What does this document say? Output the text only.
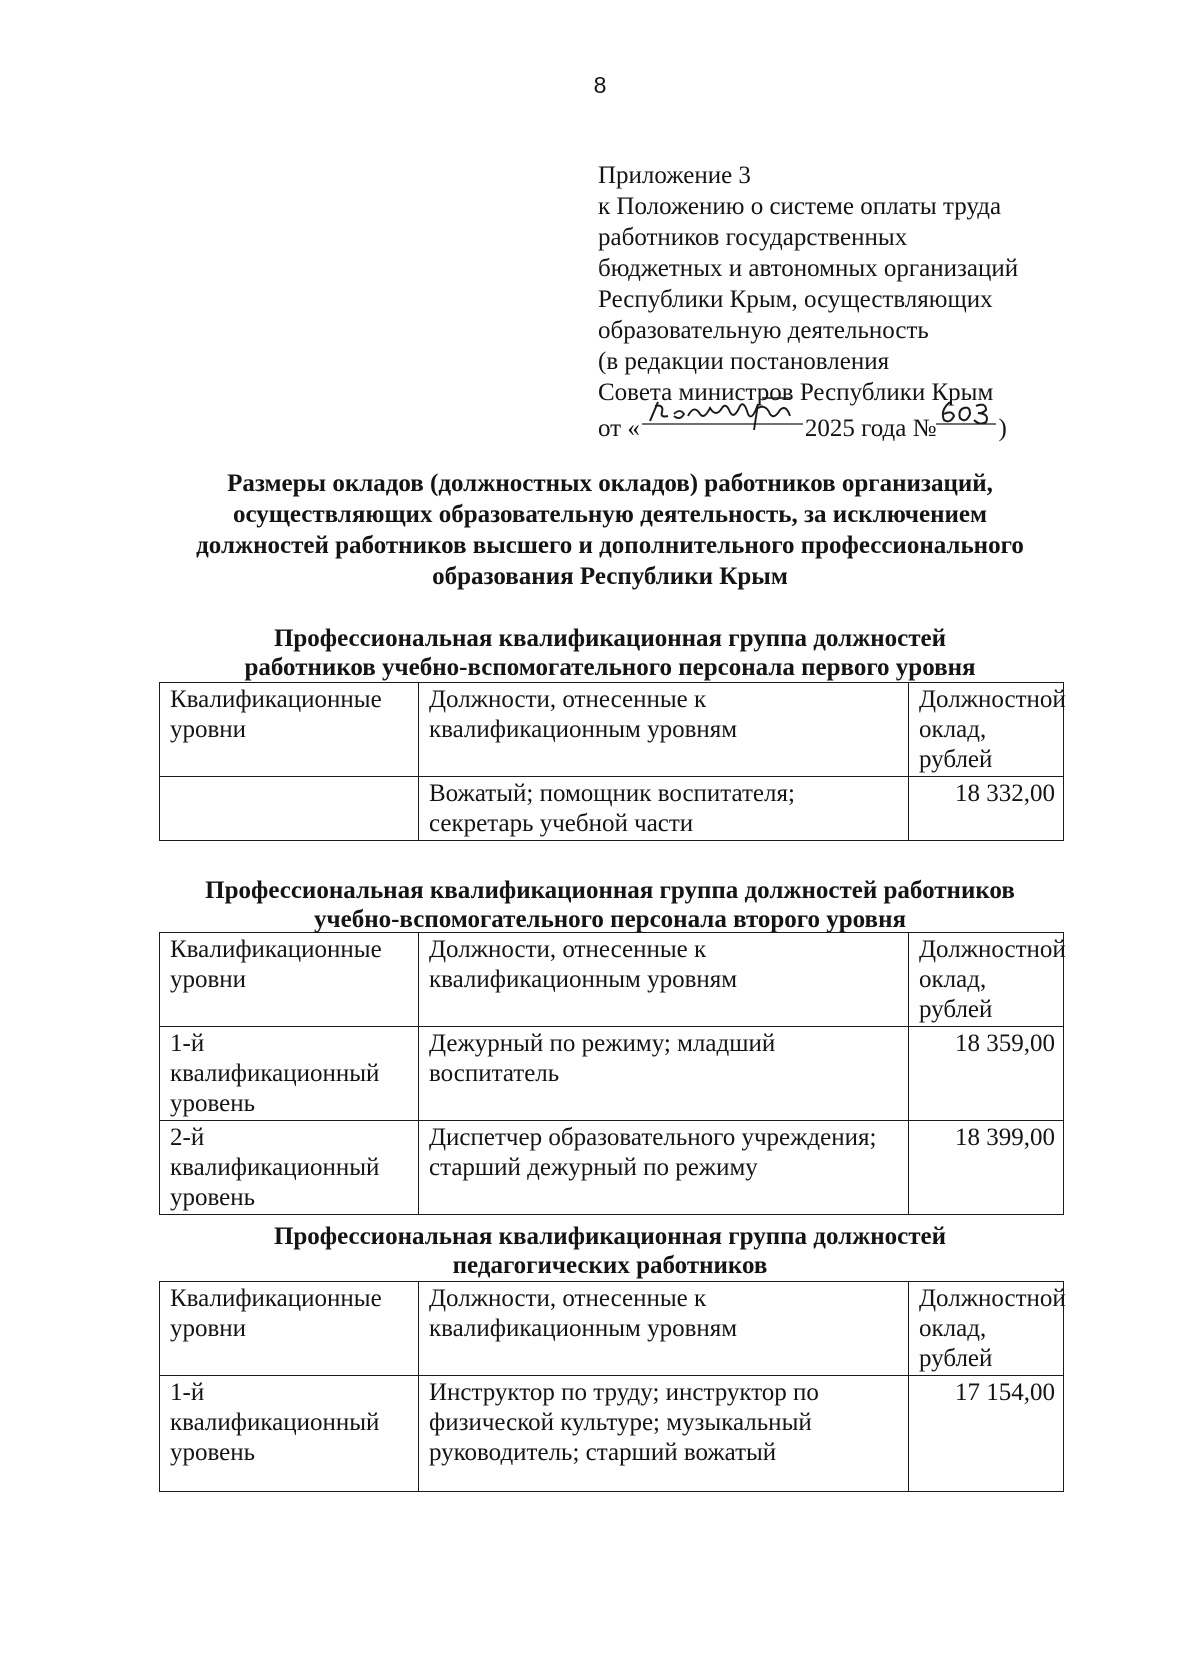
8
Приложение 3
к Положению о системе оплаты труда
работников государственных
бюджетных и автономных организаций
Республики Крым, осуществляющих
образовательную деятельность
(в редакции постановления
Совета министров Республики Крым
от «	2025 года № )
Размеры окладов (должностных окладов) работников организаций,
осуществляющих образовательную деятельность, за исключением
должностей работников высшего и дополнительного профессионального
образования Республики Крым
Профессиональная квалификационная группа должностей
работников учебно-вспомогательного персонала первого уровня
Квалификационные уровни	Должности, отнесенные к квалификационным уровням	Должностной оклад, рублей
	Вожатый; помощник воспитателя; секретарь учебной части	18 332,00
Профессиональная квалификационная группа должностей работников
учебно-вспомогательного персонала второго уровня
Квалификационные уровни	Должности, отнесенные к квалификационным уровням	Должностной оклад, рублей
1-й квалификационный уровень	Дежурный по режиму; младший воспитатель	18 359,00
2-й квалификационный уровень	Диспетчер образовательного учреждения; старший дежурный по режиму	18 399,00
Профессиональная квалификационная группа должностей
педагогических работников
Квалификационные уровни	Должности, отнесенные к квалификационным уровням	Должностной оклад, рублей
1-й квалификационный уровень	Инструктор по труду; инструктор по физической культуре; музыкальный руководитель; старший вожатый	17 154,00
